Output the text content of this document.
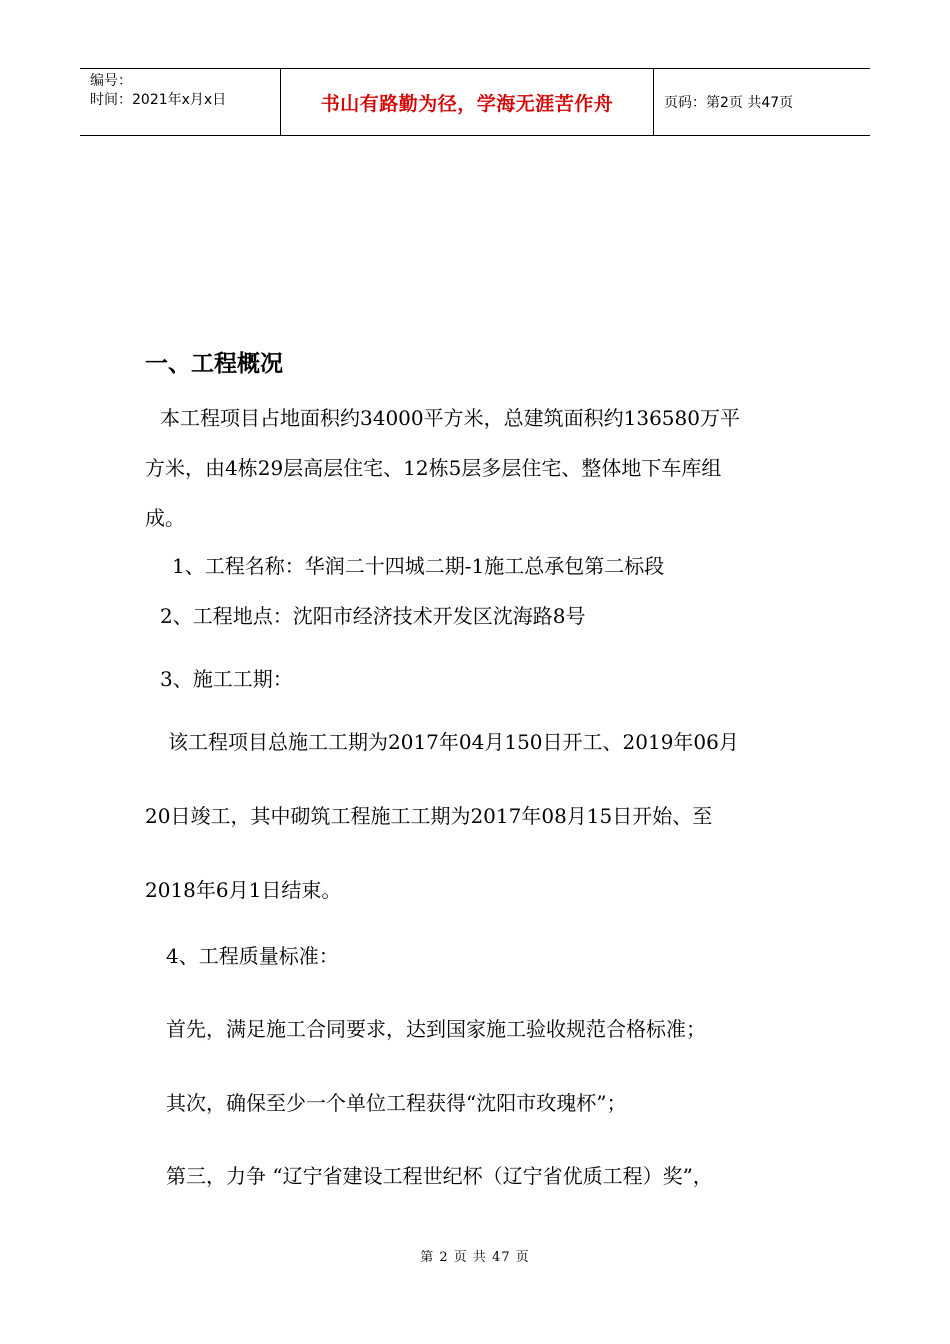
编号：
时间：2021年x月x日	书山有路勤为径，学海无涯苦作舟	页码：第2页 共47页
一、工程概况
本工程项目占地面积约34000平方米，总建筑面积约136580万平
方米，由4栋29层高层住宅、12栋5层多层住宅、整体地下车库组
成。
1、工程名称：华润二十四城二期-1施工总承包第二标段
2、工程地点：沈阳市经济技术开发区沈海路8号
3、施工工期：
该工程项目总施工工期为2017年04月150日开工、2019年06月
20日竣工，其中砌筑工程施工工期为2017年08月15日开始、至
2018年6月1日结束。
4、工程质量标准：
首先，满足施工合同要求，达到国家施工验收规范合格标准；
其次，确保至少一个单位工程获得“沈阳市玫瑰杯”；
第三，力争 “辽宁省建设工程世纪杯（辽宁省优质工程）奖”，
第 2 页 共 47 页
